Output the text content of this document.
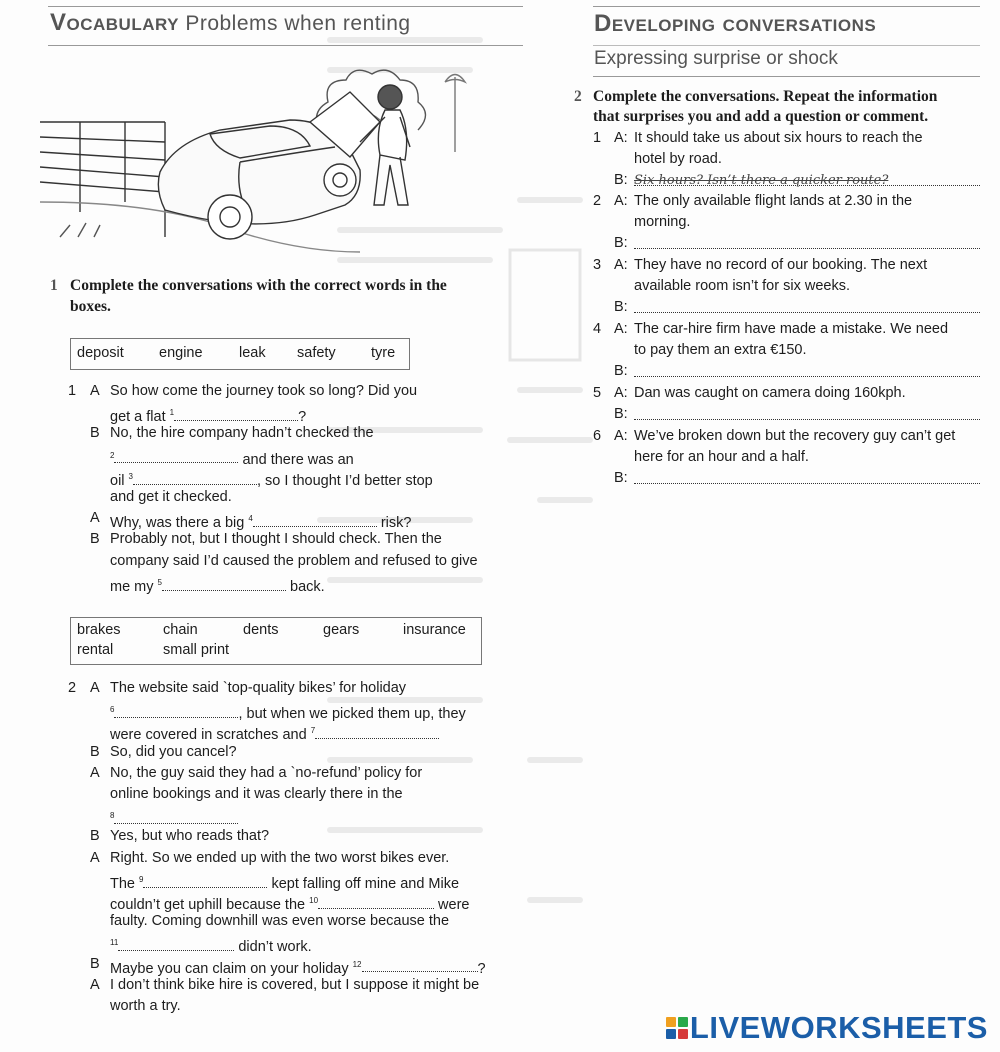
Vocabulary Problems when renting
1 Complete the conversations with the correct words in the
boxes.
deposit engine	leak safety tyre
1 A So how come the journey took so long? Did you
get a flat $^1$	?
B No, the hire company hadn’t checked the
$^2$	and there was an
oil $^3$	, so I thought I’d better stop
and get it checked.
A Why, was there a big $^4$	risk?
B Probably not, but I thought I should check. Then the
company said I’d caused the problem and refused to give
me my $^5$	back.
brakes	chain	dents	gears	insurance
rental	small print
2 A The website said `top-quality bikes’ for holiday
$^6$	, but when we picked them up, they
were covered in scratches and $^7$
B So, did you cancel?
A No, the guy said they had a `no-refund’ policy for
online bookings and it was clearly there in the
$^8$
B Yes, but who reads that?
A Right. So we ended up with the two worst bikes ever.
The $^9$	kept falling off mine and Mike
couldn’t get uphill because the $^{10}$	were
faulty. Coming downhill was even worse because the
$^{11}$	didn’t work.
B Maybe you can claim on your holiday $^{12}$	?
A I don’t think bike hire is covered, but I suppose it might be
worth a try.
Developing conversations
Expressing surprise or shock
2 Complete the conversations. Repeat the information
that surprises you and add a question or comment.
1 A: It should take us about six hours to reach the
hotel by road.
B: Six hours? Isn’t there a quicker route?
2 A: The only available flight lands at 2.30 in the
morning.
B:
3 A: They have no record of our booking. The next
available room isn’t for six weeks.
B:
4 A: The car-hire firm have made a mistake. We need
to pay them an extra €150.
B:
5 A: Dan was caught on camera doing 160kph.
B:
6 A: We’ve broken down but the recovery guy can’t get
here for an hour and a half.
B:
LIVEWORKSHEETS
